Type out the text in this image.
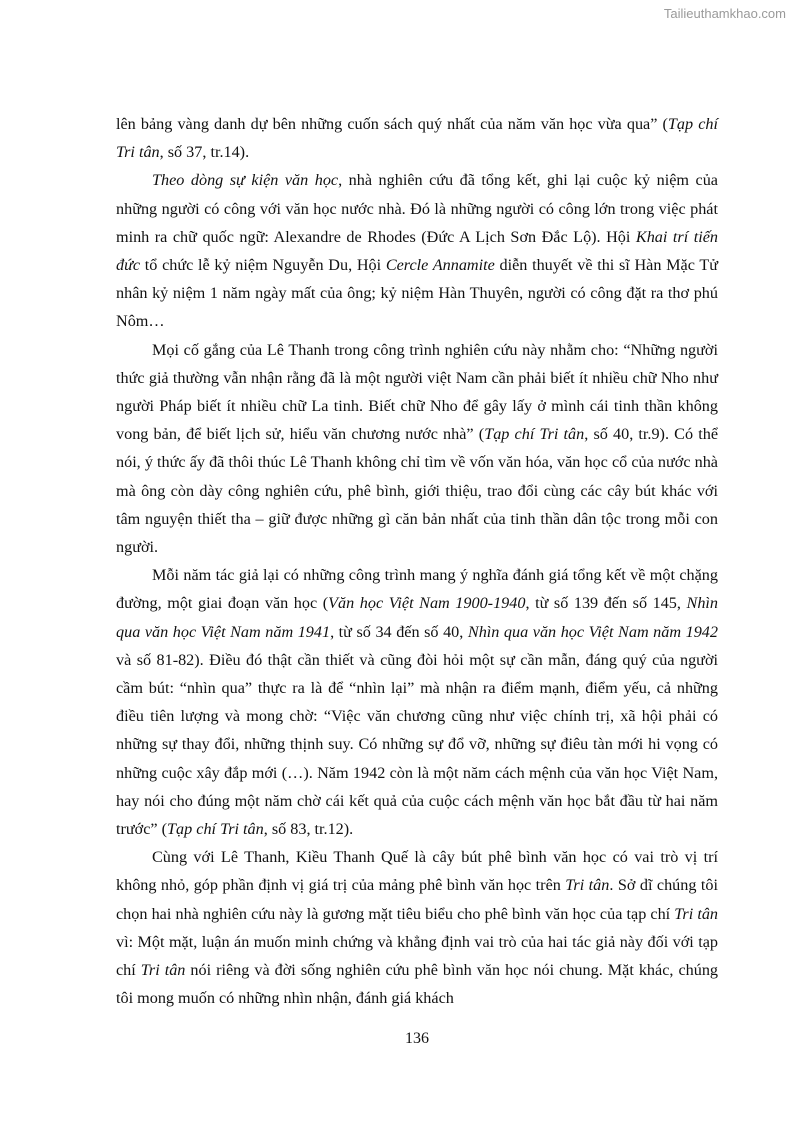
Tailieuthamkhao.com

lên bảng vàng danh dự bên những cuốn sách quý nhất của năm văn học vừa qua” (Tạp chí Tri tân, số 37, tr.14).

Theo dòng sự kiện văn học, nhà nghiên cứu đã tổng kết, ghi lại cuộc kỷ niệm của những người có công với văn học nước nhà. Đó là những người có công lớn trong việc phát minh ra chữ quốc ngữ: Alexandre de Rhodes (Đức A Lịch Sơn Đắc Lộ). Hội Khai trí tiến đức tổ chức lễ kỷ niệm Nguyễn Du, Hội Cercle Annamite diễn thuyết về thi sĩ Hàn Mặc Tử nhân kỷ niệm 1 năm ngày mất của ông; kỷ niệm Hàn Thuyên, người có công đặt ra thơ phú Nôm…

Mọi cố gắng của Lê Thanh trong công trình nghiên cứu này nhằm cho: “Những người thức giả thường vẫn nhận rằng đã là một người việt Nam cần phải biết ít nhiều chữ Nho như người Pháp biết ít nhiều chữ La tinh. Biết chữ Nho để gây lấy ở mình cái tinh thần không vong bản, để biết lịch sử, hiểu văn chương nước nhà” (Tạp chí Tri tân, số 40, tr.9). Có thể nói, ý thức ấy đã thôi thúc Lê Thanh không chỉ tìm về vốn văn hóa, văn học cổ của nước nhà mà ông còn dày công nghiên cứu, phê bình, giới thiệu, trao đổi cùng các cây bút khác với tâm nguyện thiết tha – giữ được những gì căn bản nhất của tinh thần dân tộc trong mỗi con người.

Mỗi năm tác giả lại có những công trình mang ý nghĩa đánh giá tổng kết về một chặng đường, một giai đoạn văn học (Văn học Việt Nam 1900-1940, từ số 139 đến số 145, Nhìn qua văn học Việt Nam năm 1941, từ số 34 đến số 40, Nhìn qua văn học Việt Nam năm 1942 và số 81-82). Điều đó thật cần thiết và cũng đòi hỏi một sự cần mẫn, đáng quý của người cầm bút: “nhìn qua” thực ra là để “nhìn lại” mà nhận ra điểm mạnh, điểm yếu, cả những điều tiên lượng và mong chờ: “Việc văn chương cũng như việc chính trị, xã hội phải có những sự thay đổi, những thịnh suy. Có những sự đổ vỡ, những sự điêu tàn mới hi vọng có những cuộc xây đắp mới (…). Năm 1942 còn là một năm cách mệnh của văn học Việt Nam, hay nói cho đúng một năm chờ cái kết quả của cuộc cách mệnh văn học bắt đầu từ hai năm trước” (Tạp chí Tri tân, số 83, tr.12).

Cùng với Lê Thanh, Kiều Thanh Quế là cây bút phê bình văn học có vai trò vị trí không nhỏ, góp phần định vị giá trị của mảng phê bình văn học trên Tri tân. Sở dĩ chúng tôi chọn hai nhà nghiên cứu này là gương mặt tiêu biểu cho phê bình văn học của tạp chí Tri tân vì: Một mặt, luận án muốn minh chứng và khẳng định vai trò của hai tác giả này đối với tạp chí Tri tân nói riêng và đời sống nghiên cứu phê bình văn học nói chung. Mặt khác, chúng tôi mong muốn có những nhìn nhận, đánh giá khách

136
